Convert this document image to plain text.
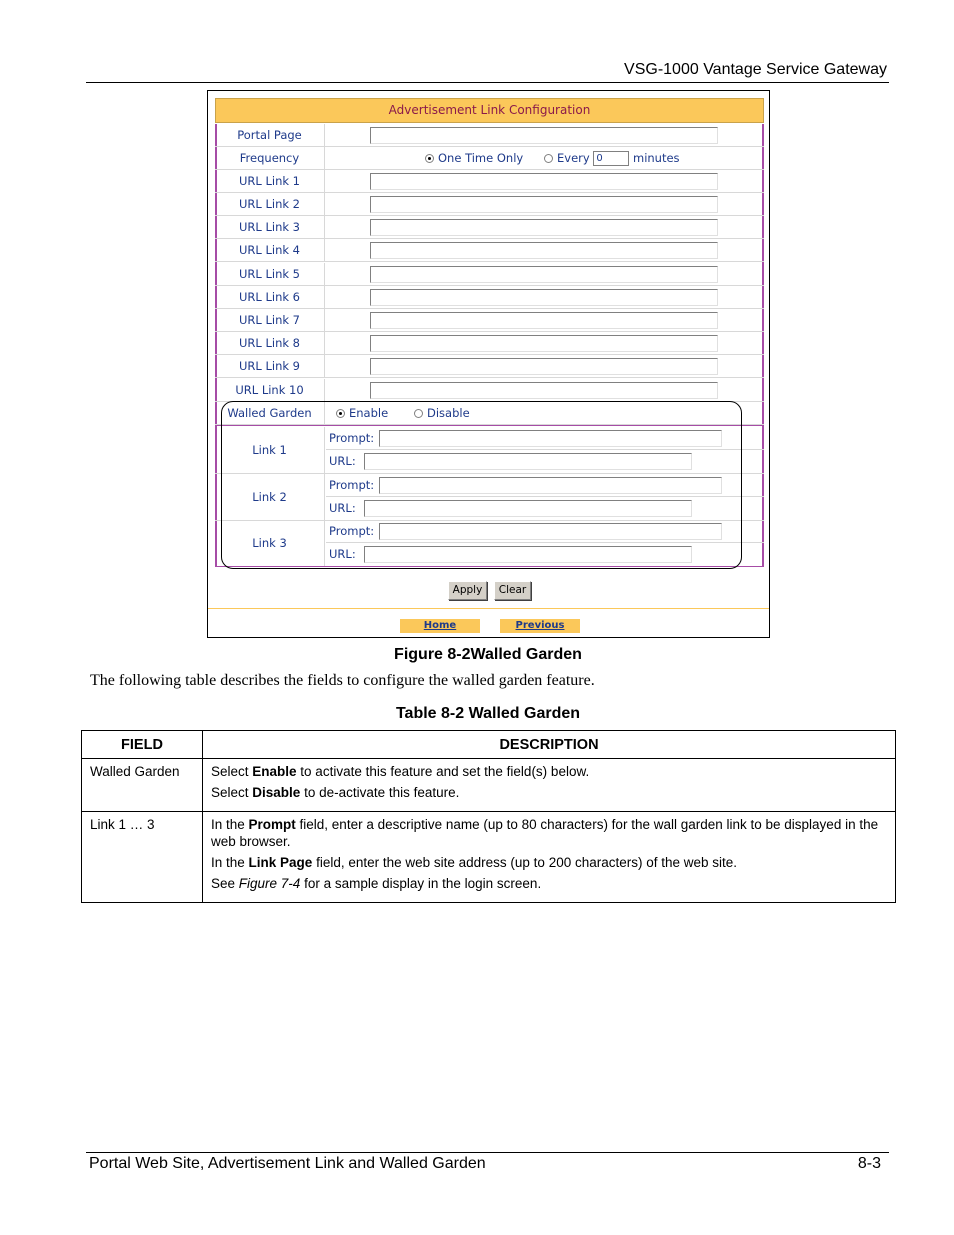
VSG-1000 Vantage Service Gateway
Advertisement Link Configuration
Portal Page
Frequency	One Time Only	Every 0	minutes
URL Link 1
URL Link 2
URL Link 3
URL Link 4
URL Link 5
URL Link 6
URL Link 7
URL Link 8
URL Link 9
URL Link 10
Walled Garden	Enable	Disable
Link 1
Prompt:
URL:
Link 2
Prompt:
URL:
Link 3
Prompt:
URL:
Apply	Clear
Home	Previous
Figure 8-2Walled Garden
The following table describes the fields to configure the walled garden feature.
Table 8-2 Walled Garden
FIELD	DESCRIPTION
Walled Garden	Select Enable to activate this feature and set the field(s) below.

Select Disable to de-activate this feature.

Link 1 … 3	In the Prompt field, enter a descriptive name (up to 80 characters) for the wall garden link to be displayed in the web browser.

In the Link Page field, enter the web site address (up to 200 characters) of the web site.

See Figure 7-4 for a sample display in the login screen.

Portal Web Site, Advertisement Link and Walled Garden	8-3
